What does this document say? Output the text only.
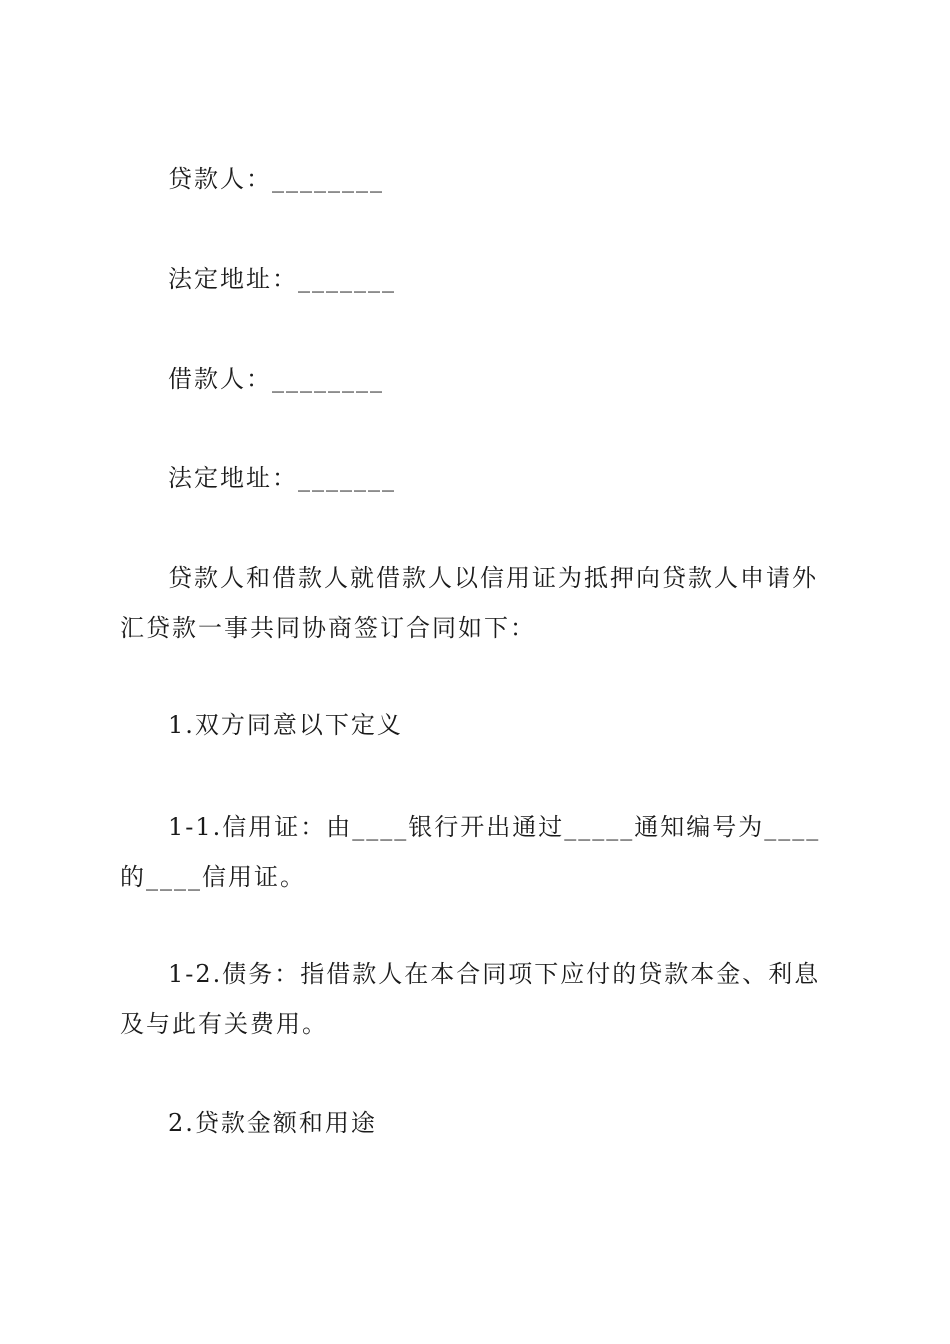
贷款人：________

法定地址：_______

借款人：________

法定地址：_______

贷款人和借款人就借款人以信用证为抵押向贷款人申请外汇贷款一事共同协商签订合同如下：

1.双方同意以下定义

1-1.信用证：由____银行开出通过_____通知编号为____的____信用证。

1-2.债务：指借款人在本合同项下应付的贷款本金、利息及与此有关费用。

2.贷款金额和用途
